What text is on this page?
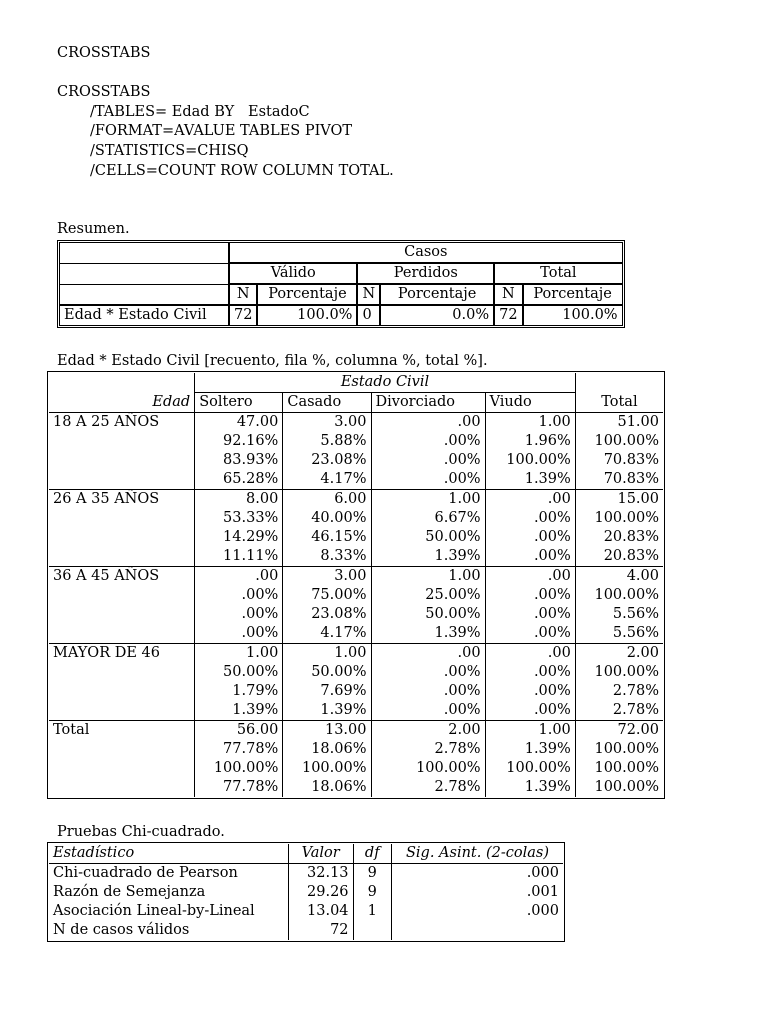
CROSSTABS
CROSSTABS
/TABLES= Edad BY   EstadoC
/FORMAT=AVALUE TABLES PIVOT
/STATISTICS=CHISQ
/CELLS=COUNT ROW COLUMN TOTAL.
Resumen.
	Casos					
	Válido		Perdidos		Total	
	N	Porcentaje	N	Porcentaje	N	Porcentaje
Edad * Estado Civil	72	100.0%	0	0.0%	72	100.0%
Edad * Estado Civil [recuento, fila %, columna %, total %].
	Estado Civil				
Edad	Soltero	Casado	Divorciado	Viudo	Total
18 A 25 AÑOS	47.00	3.00	.00	1.00	51.00
	92.16%	5.88%	.00%	1.96%	100.00%
	83.93%	23.08%	.00%	100.00%	70.83%
	65.28%	4.17%	.00%	1.39%	70.83%
26 A 35 AÑOS	8.00	6.00	1.00	.00	15.00
	53.33%	40.00%	6.67%	.00%	100.00%
	14.29%	46.15%	50.00%	.00%	20.83%
	11.11%	8.33%	1.39%	.00%	20.83%
36 A 45 AÑOS	.00	3.00	1.00	.00	4.00
	.00%	75.00%	25.00%	.00%	100.00%
	.00%	23.08%	50.00%	.00%	5.56%
	.00%	4.17%	1.39%	.00%	5.56%
MAYOR DE 46	1.00	1.00	.00	.00	2.00
	50.00%	50.00%	.00%	.00%	100.00%
	1.79%	7.69%	.00%	.00%	2.78%
	1.39%	1.39%	.00%	.00%	2.78%
Total	56.00	13.00	2.00	1.00	72.00
	77.78%	18.06%	2.78%	1.39%	100.00%
	100.00%	100.00%	100.00%	100.00%	100.00%
	77.78%	18.06%	2.78%	1.39%	100.00%
Pruebas Chi-cuadrado.
Estadístico	Valor	df	Sig. Asint. (2-colas)
Chi-cuadrado de Pearson	32.13	9	.000
Razón de Semejanza	29.26	9	.001
Asociación Lineal-by-Lineal	13.04	1	.000
N de casos válidos	72		
